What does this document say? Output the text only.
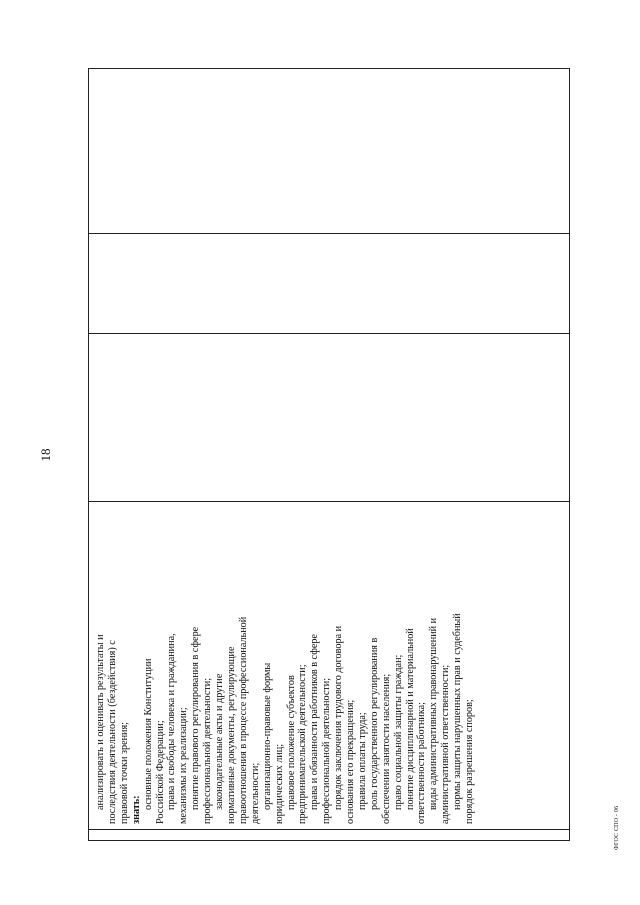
18
анализировать и оценивать результаты и последствия деятельности (бездействия) с правовой точки зрения; знать: основные положения Конституции Российской Федерации; права и свободы человека и гражданина, механизмы их реализации; понятие правового регулирования в сфере профессиональной деятельности; законодательные акты и другие нормативные документы, регулирующие правоотношения в процессе профессиональной деятельности; организационно-правовые формы юридических лиц; правовое положение субъектов предпринимательской деятельности; права и обязанности работников в сфере профессиональной деятельности; порядок заключения трудового договора и основания его прекращения; правила оплаты труда; роль государственного регулирования в обеспечении занятости населения; право социальной защиты граждан; понятие дисциплинарной и материальной ответственности работника; виды административных правонарушений и административной ответственности; нормы защиты нарушенных прав и судебный порядок разрешения споров;
ФГОС СПО - 06
